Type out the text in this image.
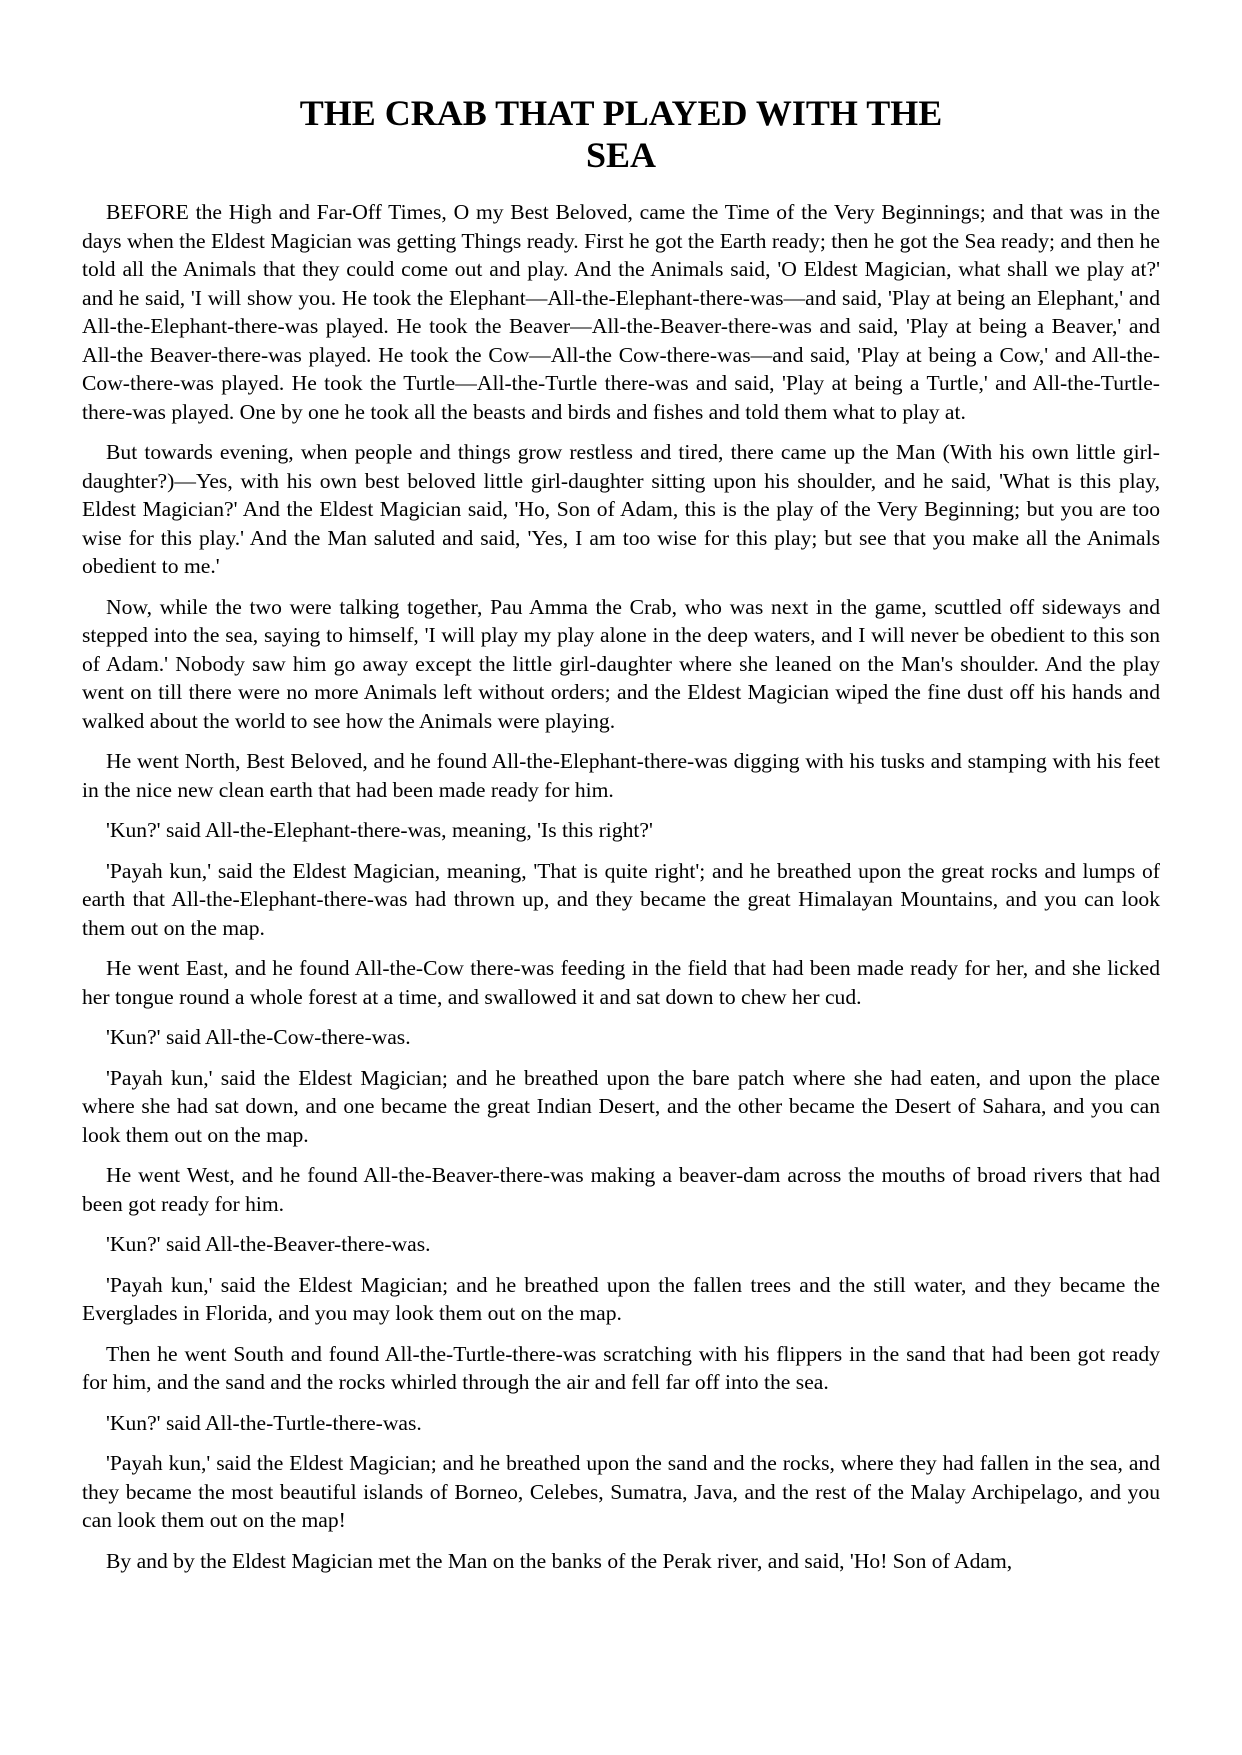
THE CRAB THAT PLAYED WITH THE
SEA

BEFORE the High and Far-Off Times, O my Best Beloved, came the Time of the Very Beginnings; and that was in the days when the Eldest Magician was getting Things ready. First he got the Earth ready; then he got the Sea ready; and then he told all the Animals that they could come out and play. And the Animals said, 'O Eldest Magician, what shall we play at?' and he said, 'I will show you. He took the Elephant—All-the-Elephant-there-was—and said, 'Play at being an Elephant,' and All-the-Elephant-there-was played. He took the Beaver—All-the-Beaver-there-was and said, 'Play at being a Beaver,' and All-the Beaver-there-was played. He took the Cow—All-the Cow-there-was—and said, 'Play at being a Cow,' and All-the-Cow-there-was played. He took the Turtle—All-the-Turtle there-was and said, 'Play at being a Turtle,' and All-the-Turtle-there-was played. One by one he took all the beasts and birds and fishes and told them what to play at.

But towards evening, when people and things grow restless and tired, there came up the Man (With his own little girl-daughter?)—Yes, with his own best beloved little girl-daughter sitting upon his shoulder, and he said, 'What is this play, Eldest Magician?' And the Eldest Magician said, 'Ho, Son of Adam, this is the play of the Very Beginning; but you are too wise for this play.' And the Man saluted and said, 'Yes, I am too wise for this play; but see that you make all the Animals obedient to me.'

Now, while the two were talking together, Pau Amma the Crab, who was next in the game, scuttled off sideways and stepped into the sea, saying to himself, 'I will play my play alone in the deep waters, and I will never be obedient to this son of Adam.' Nobody saw him go away except the little girl-daughter where she leaned on the Man's shoulder. And the play went on till there were no more Animals left without orders; and the Eldest Magician wiped the fine dust off his hands and walked about the world to see how the Animals were playing.

He went North, Best Beloved, and he found All-the-Elephant-there-was digging with his tusks and stamping with his feet in the nice new clean earth that had been made ready for him.

'Kun?' said All-the-Elephant-there-was, meaning, 'Is this right?'

'Payah kun,' said the Eldest Magician, meaning, 'That is quite right'; and he breathed upon the great rocks and lumps of earth that All-the-Elephant-there-was had thrown up, and they became the great Himalayan Mountains, and you can look them out on the map.

He went East, and he found All-the-Cow there-was feeding in the field that had been made ready for her, and she licked her tongue round a whole forest at a time, and swallowed it and sat down to chew her cud.

'Kun?' said All-the-Cow-there-was.

'Payah kun,' said the Eldest Magician; and he breathed upon the bare patch where she had eaten, and upon the place where she had sat down, and one became the great Indian Desert, and the other became the Desert of Sahara, and you can look them out on the map.

He went West, and he found All-the-Beaver-there-was making a beaver-dam across the mouths of broad rivers that had been got ready for him.

'Kun?' said All-the-Beaver-there-was.

'Payah kun,' said the Eldest Magician; and he breathed upon the fallen trees and the still water, and they became the Everglades in Florida, and you may look them out on the map.

Then he went South and found All-the-Turtle-there-was scratching with his flippers in the sand that had been got ready for him, and the sand and the rocks whirled through the air and fell far off into the sea.

'Kun?' said All-the-Turtle-there-was.

'Payah kun,' said the Eldest Magician; and he breathed upon the sand and the rocks, where they had fallen in the sea, and they became the most beautiful islands of Borneo, Celebes, Sumatra, Java, and the rest of the Malay Archipelago, and you can look them out on the map!

By and by the Eldest Magician met the Man on the banks of the Perak river, and said, 'Ho! Son of Adam,
